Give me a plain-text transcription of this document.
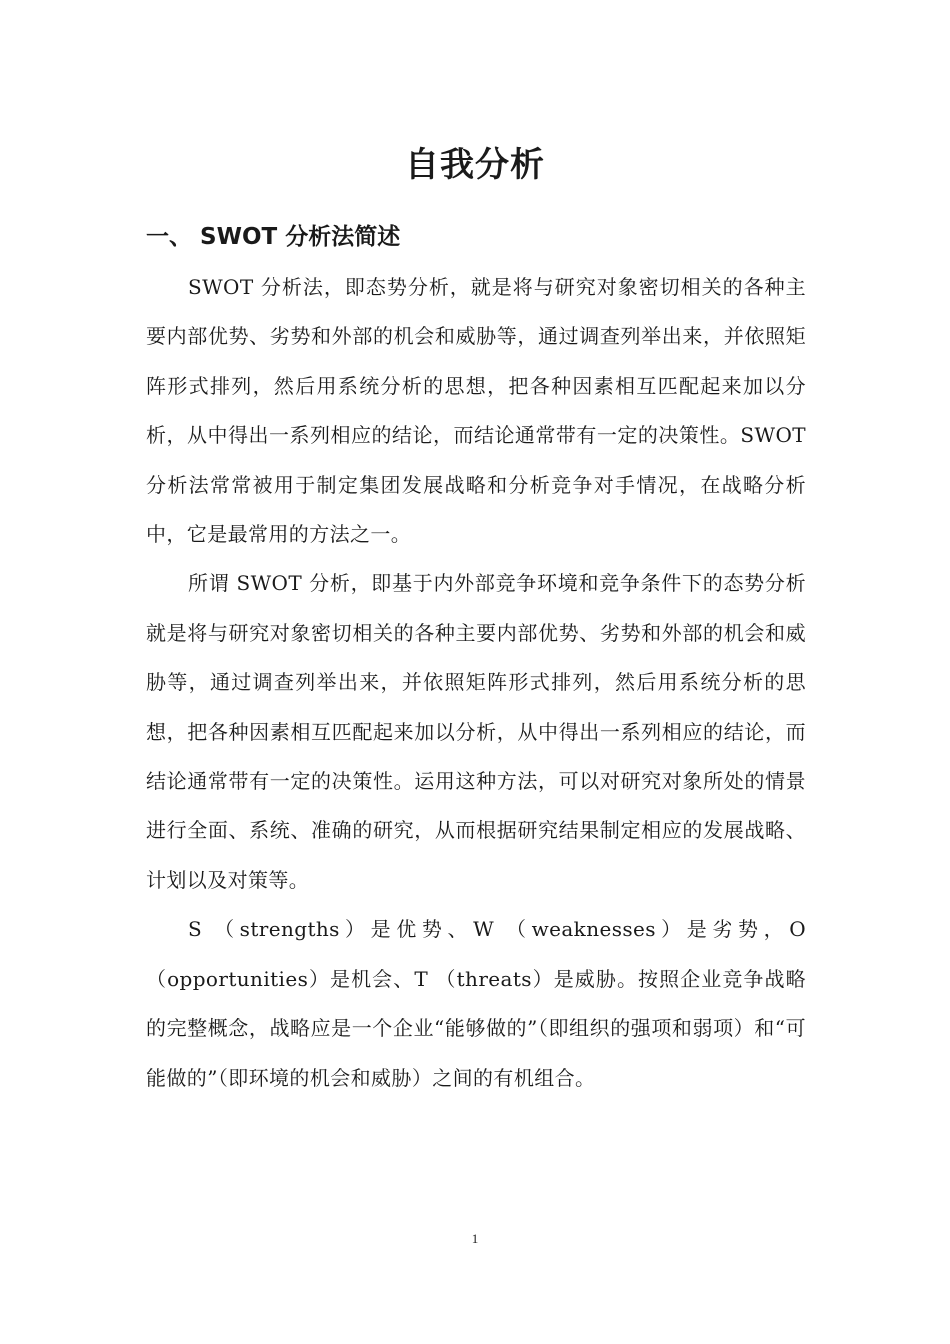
自我分析
一、 SWOT 分析法简述

SWOT 分析法，即态势分析，就是将与研究对象密切相关的各种主要内部优势、劣势和外部的机会和威胁等，通过调查列举出来，并依照矩阵形式排列，然后用系统分析的思想，把各种因素相互匹配起来加以分析，从中得出一系列相应的结论，而结论通常带有一定的决策性。SWOT 分析法常常被用于制定集团发展战略和分析竞争对手情况，在战略分析中，它是最常用的方法之一。

所谓 SWOT 分析，即基于内外部竞争环境和竞争条件下的态势分析就是将与研究对象密切相关的各种主要内部优势、劣势和外部的机会和威胁等，通过调查列举出来，并依照矩阵形式排列，然后用系统分析的思想，把各种因素相互匹配起来加以分析，从中得出一系列相应的结论，而结论通常带有一定的决策性。运用这种方法，可以对研究对象所处的情景进行全面、系统、准确的研究，从而根据研究结果制定相应的发展战略、计划以及对策等。

S （strengths）是优势、W （weaknesses）是劣势，O （opportunities）是机会、T （threats）是威胁。按照企业竞争战略的完整概念，战略应是一个企业“能够做的”（即组织的强项和弱项）和“可能做的”（即环境的机会和威胁）之间的有机组合。

1
